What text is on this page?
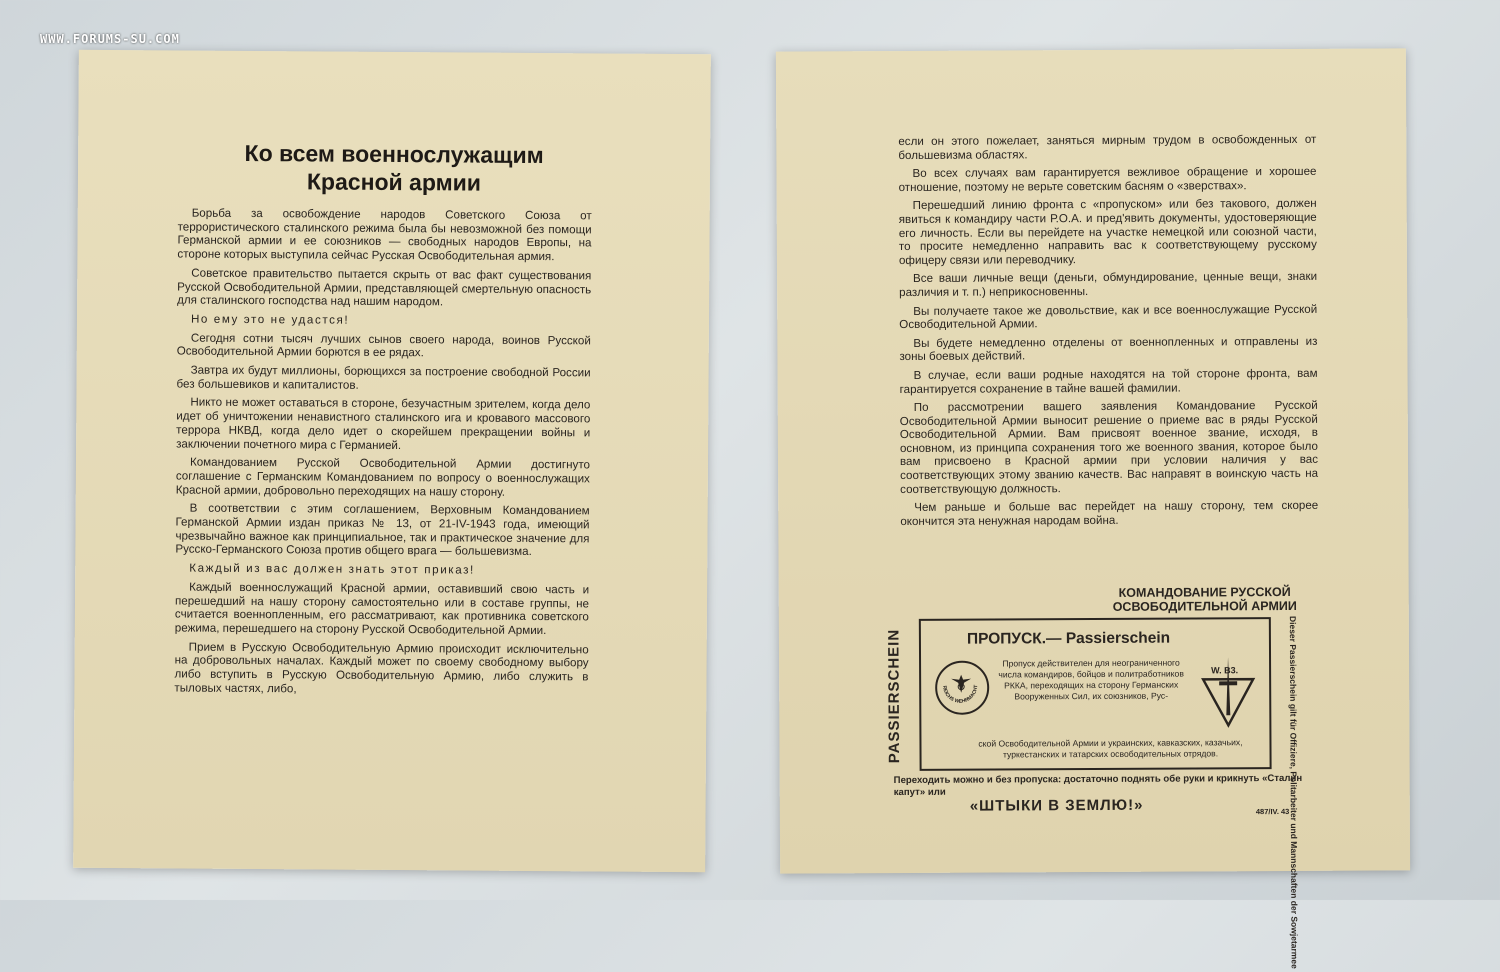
WWW.FORUMS-SU.COM
Ко всем военнослужащим
Красной армии

Борьба за освобождение народов Советского Союза от террористического сталинского режима была бы невозможной без помощи Германской армии и ее союзников — свободных народов Европы, на стороне которых выступила сейчас Русская Освободительная армия.

Советское правительство пытается скрыть от вас факт существования Русской Освободительной Армии, представляющей смертельную опасность для сталинского господства над нашим народом.

Но ему это не удастся!

Сегодня сотни тысяч лучших сынов своего народа, воинов Русской Освободительной Армии борются в ее рядах.

Завтра их будут миллионы, борющихся за построение свободной России без большевиков и капиталистов.

Никто не может оставаться в стороне, безучастным зрителем, когда дело идет об уничтожении ненавистного сталинского ига и кровавого массового террора НКВД, когда дело идет о скорейшем прекращении войны и заключении почетного мира с Германией.

Командованием Русской Освободительной Армии достигнуто соглашение с Германским Командованием по вопросу о военнослужащих Красной армии, добровольно переходящих на нашу сторону.

В соответствии с этим соглашением, Верховным Командованием Германской Армии издан приказ № 13, от 21-IV-1943 года, имеющий чрезвычайно важное как принципиальное, так и практическое значение для Русско-Германского Союза против общего врага — большевизма.

Каждый из вас должен знать этот приказ!

Каждый военнослужащий Красной армии, оставивший свою часть и перешедший на нашу сторону самостоятельно или в составе группы, не считается военнопленным, его рассматривают, как противника советского режима, перешедшего на сторону Русской Освободительной Армии.

Прием в Русскую Освободительную Армию происходит исключительно на добровольных началах. Каждый может по своему свободному выбору либо вступить в Русскую Освободительную Армию, либо служить в тыловых частях, либо,

если он этого пожелает, заняться мирным трудом в освобожденных от большевизма областях.

Во всех случаях вам гарантируется вежливое обращение и хорошее отношение, поэтому не верьте советским басням о «зверствах».

Перешедший линию фронта с «пропуском» или без такового, должен явиться к командиру части Р.О.А. и пред'явить документы, удостоверяющие его личность. Если вы перейдете на участке немецкой или союзной части, то просите немедленно направить вас к соответствующему русскому офицеру связи или переводчику.

Все ваши личные вещи (деньги, обмундирование, ценные вещи, знаки различия и т. п.) неприкосновенны.

Вы получаете такое же довольствие, как и все военнослужащие Русской Освободительной Армии.

Вы будете немедленно отделены от военнопленных и отправлены из зоны боевых действий.

В случае, если ваши родные находятся на той стороне фронта, вам гарантируется сохранение в тайне вашей фамилии.

По рассмотрении вашего заявления Командование Русской Освободительной Армии выносит решение о приеме вас в ряды Русской Освободительной Армии. Вам присвоят военное звание, исходя, в основном, из принципа сохранения того же военного звания, которое было вам присвоено в Красной армии при условии наличия у вас соответствующих этому званию качеств. Вас направят в воинскую часть на соответствующую должность.

Чем раньше и больше вас перейдет на нашу сторону, тем скорее окончится эта ненужная народам война.

КОМАНДОВАНИЕ РУССКОЙ
ОСВОБОДИТЕЛЬНОЙ АРМИИ
PASSIERSCHEIN	ПРОПУСК.— Passierschein
REICHS WEHRMACHT
Пропуск действителен для неограниченного числа командиров, бойцов и политработников РККА, переходящих на сторону Германских Вооруженных Сил, их союзников, Рус-
W. B3.
ской Освободительной Армии и украинских, кавказских, казачьих, туркестанских и татарских освободительных отрядов.	Dieser Passierschein gilt für Offiziere, Politarbeiter und Mannschaften der Sowjetarmee
Переходить можно и без пропуска: достаточно поднять обе руки и крикнуть «Сталин капут» или
«ШТЫКИ В ЗЕМЛЮ!»	487/IV. 43
